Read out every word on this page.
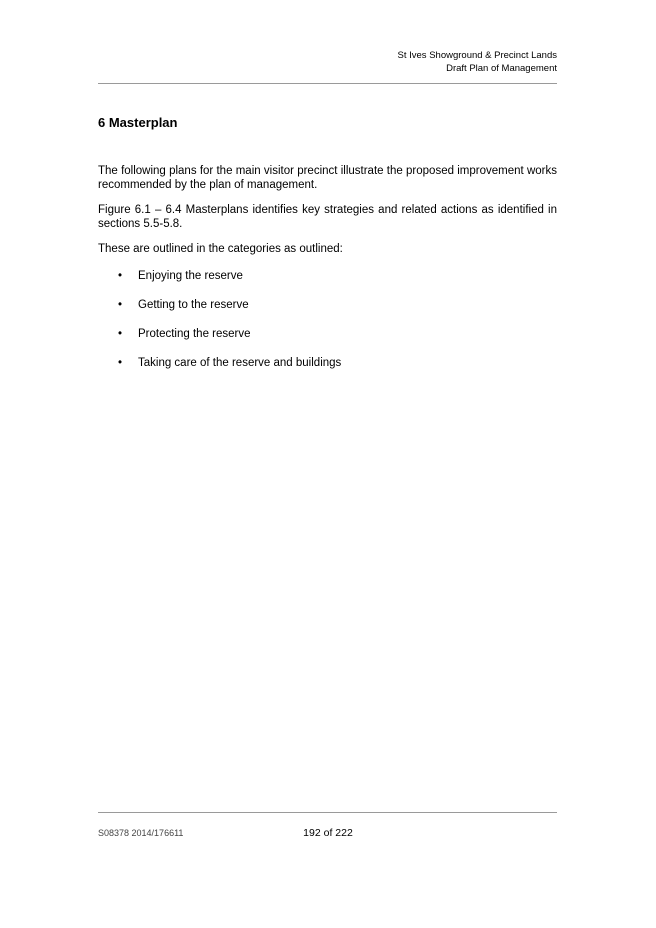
St Ives Showground & Precinct Lands
Draft Plan of Management
6 Masterplan

The following plans for the main visitor precinct illustrate the proposed improvement works recommended by the plan of management.

Figure 6.1 – 6.4 Masterplans identifies key strategies and related actions as identified in sections 5.5-5.8.

These are outlined in the categories as outlined:

• Enjoying the reserve
• Getting to the reserve
• Protecting the reserve
• Taking care of the reserve and buildings
S08378 2014/176611	192 of 222
